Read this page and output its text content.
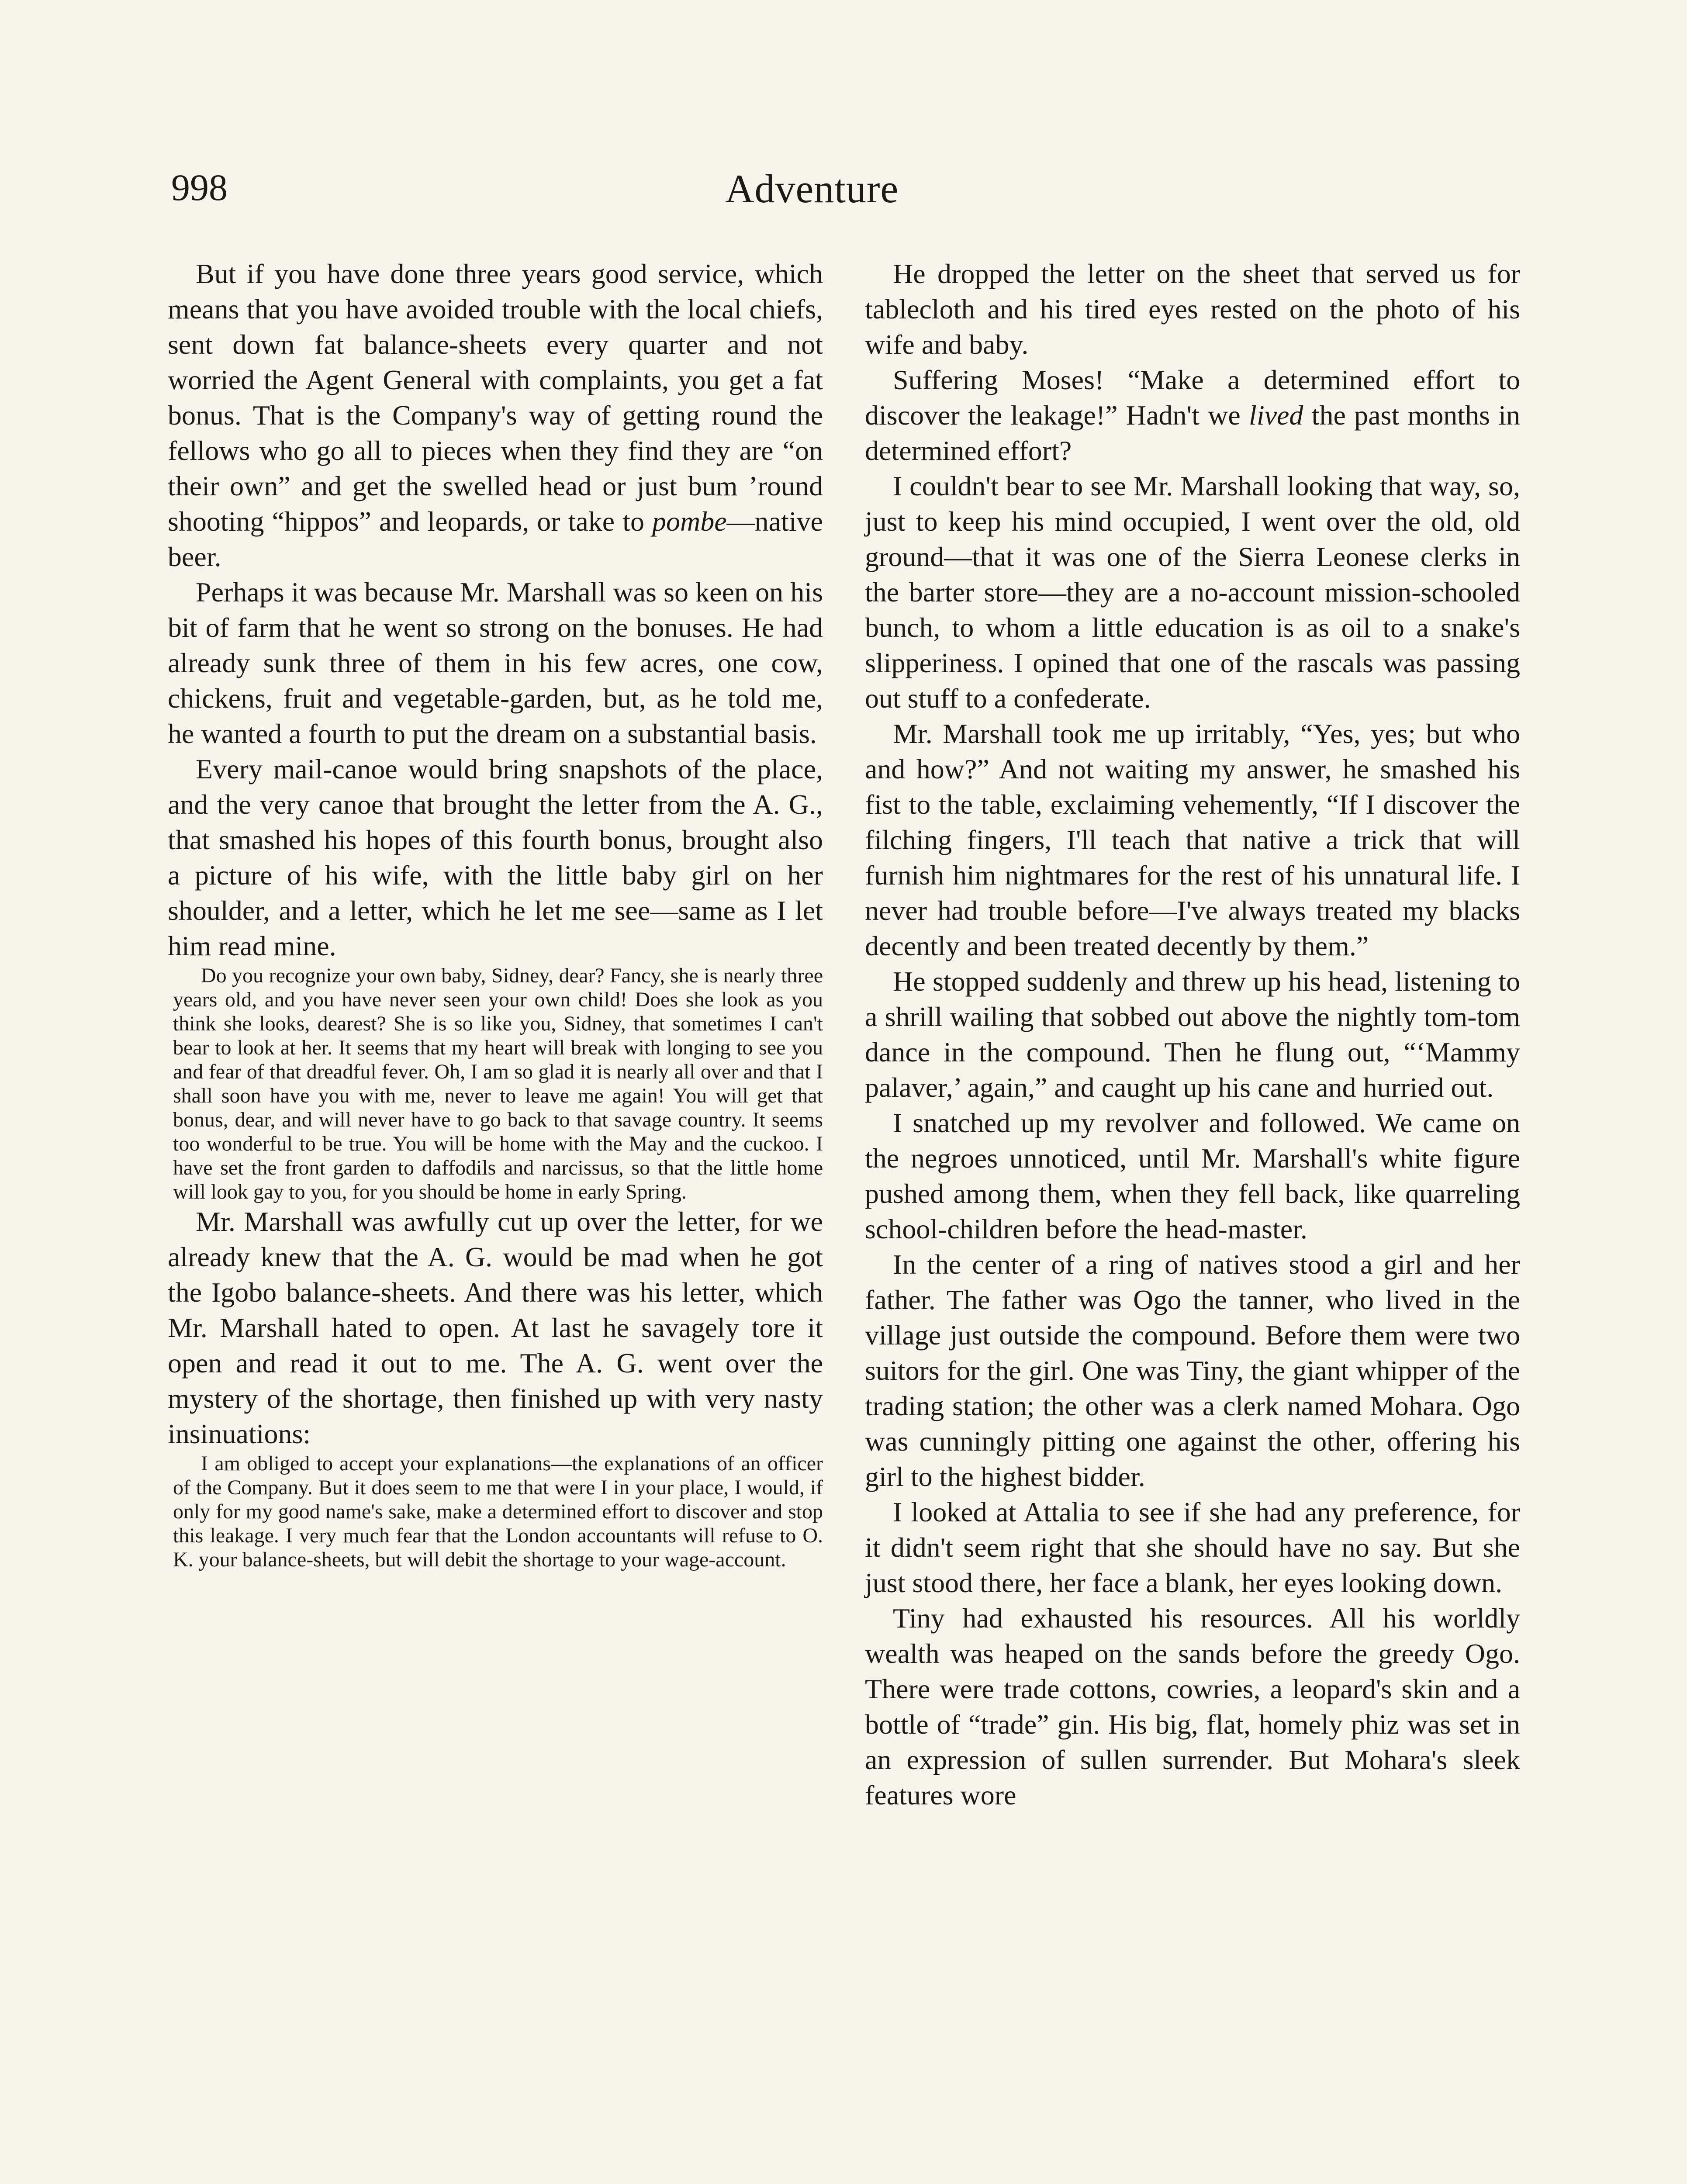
998	Adventure

But if you have done three years good service, which means that you have avoided trouble with the local chiefs, sent down fat balance-sheets every quarter and not worried the Agent General with complaints, you get a fat bonus. That is the Company's way of getting round the fellows who go all to pieces when they find they are “on their own” and get the swelled head or just bum ’round shooting “hippos” and leopards, or take to pombe—native beer.

Perhaps it was because Mr. Marshall was so keen on his bit of farm that he went so strong on the bonuses. He had already sunk three of them in his few acres, one cow, chickens, fruit and vegetable-garden, but, as he told me, he wanted a fourth to put the dream on a substantial basis.

Every mail-canoe would bring snapshots of the place, and the very canoe that brought the letter from the A. G., that smashed his hopes of this fourth bonus, brought also a picture of his wife, with the little baby girl on her shoulder, and a letter, which he let me see—same as I let him read mine.

Do you recognize your own baby, Sidney, dear? Fancy, she is nearly three years old, and you have never seen your own child! Does she look as you think she looks, dearest? She is so like you, Sidney, that sometimes I can't bear to look at her. It seems that my heart will break with longing to see you and fear of that dreadful fever. Oh, I am so glad it is nearly all over and that I shall soon have you with me, never to leave me again! You will get that bonus, dear, and will never have to go back to that savage country. It seems too wonderful to be true. You will be home with the May and the cuckoo. I have set the front garden to daffodils and narcissus, so that the little home will look gay to you, for you should be home in early Spring.

Mr. Marshall was awfully cut up over the letter, for we already knew that the A. G. would be mad when he got the Igobo balance-sheets. And there was his letter, which Mr. Marshall hated to open. At last he savagely tore it open and read it out to me. The A. G. went over the mystery of the shortage, then finished up with very nasty insinuations:

I am obliged to accept your explanations—the explanations of an officer of the Company. But it does seem to me that were I in your place, I would, if only for my good name's sake, make a determined effort to discover and stop this leakage. I very much fear that the London accountants will refuse to O. K. your balance-sheets, but will debit the shortage to your wage-account.

He dropped the letter on the sheet that served us for tablecloth and his tired eyes rested on the photo of his wife and baby.

Suffering Moses! “Make a determined effort to discover the leakage!” Hadn't we lived the past months in determined effort?

I couldn't bear to see Mr. Marshall looking that way, so, just to keep his mind occupied, I went over the old, old ground—that it was one of the Sierra Leonese clerks in the barter store—they are a no-account mission-schooled bunch, to whom a little education is as oil to a snake's slipperiness. I opined that one of the rascals was passing out stuff to a confederate.

Mr. Marshall took me up irritably, “Yes, yes; but who and how?” And not waiting my answer, he smashed his fist to the table, exclaiming vehemently, “If I discover the filching fingers, I'll teach that native a trick that will furnish him nightmares for the rest of his unnatural life. I never had trouble before—I've always treated my blacks decently and been treated decently by them.”

He stopped suddenly and threw up his head, listening to a shrill wailing that sobbed out above the nightly tom-tom dance in the compound. Then he flung out, “‘Mammy palaver,’ again,” and caught up his cane and hurried out.

I snatched up my revolver and followed. We came on the negroes unnoticed, until Mr. Marshall's white figure pushed among them, when they fell back, like quarreling school-children before the head-master.

In the center of a ring of natives stood a girl and her father. The father was Ogo the tanner, who lived in the village just outside the compound. Before them were two suitors for the girl. One was Tiny, the giant whipper of the trading station; the other was a clerk named Mohara. Ogo was cunningly pitting one against the other, offering his girl to the highest bidder.

I looked at Attalia to see if she had any preference, for it didn't seem right that she should have no say. But she just stood there, her face a blank, her eyes looking down.

Tiny had exhausted his resources. All his worldly wealth was heaped on the sands before the greedy Ogo. There were trade cottons, cowries, a leopard's skin and a bottle of “trade” gin. His big, flat, homely phiz was set in an expression of sullen surrender. But Mohara's sleek features wore
